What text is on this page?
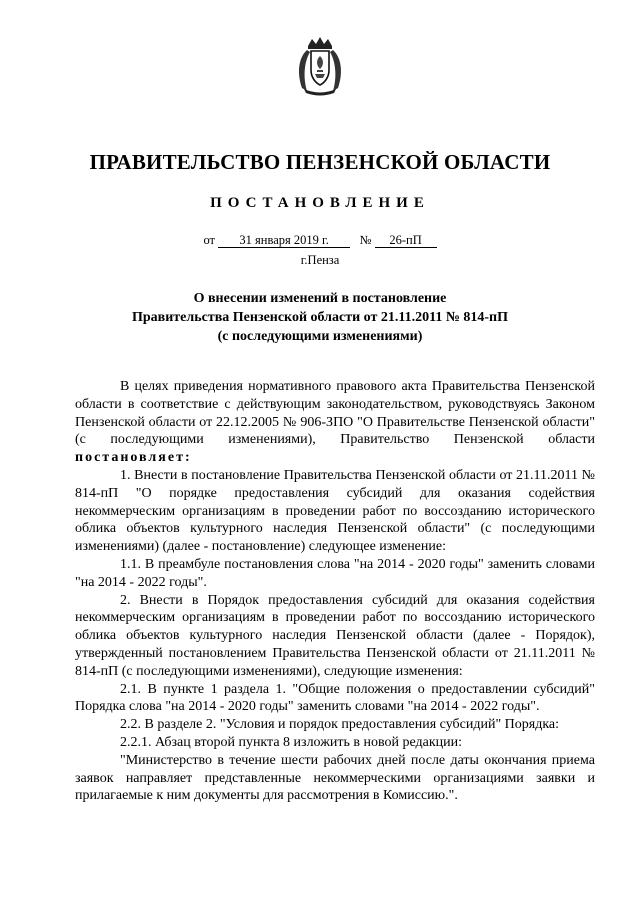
ПРАВИТЕЛЬСТВО ПЕНЗЕНСКОЙ ОБЛАСТИ
ПОСТАНОВЛЕНИЕ
от 31 января 2019 г. № 26-пП
г.Пенза
О внесении изменений в постановление
Правительства Пензенской области от 21.11.2011 № 814-пП
(с последующими изменениями)

В целях приведения нормативного правового акта Правительства Пензенской области в соответствие с действующим законодательством, руководствуясь Законом Пензенской области от 22.12.2005 № 906-ЗПО "О Правительстве Пензенской области" (с последующими изменениями), Правительство Пензенской области постановляет:

1. Внести в постановление Правительства Пензенской области от 21.11.2011 № 814-пП "О порядке предоставления субсидий для оказания содействия некоммерческим организациям в проведении работ по воссозданию исторического облика объектов культурного наследия Пензенской области" (с последующими изменениями) (далее - постановление) следующее изменение:

1.1. В преамбуле постановления слова "на 2014 - 2020 годы" заменить словами "на 2014 - 2022 годы".

2. Внести в Порядок предоставления субсидий для оказания содействия некоммерческим организациям в проведении работ по воссозданию исторического облика объектов культурного наследия Пензенской области (далее - Порядок), утвержденный постановлением Правительства Пензенской области от 21.11.2011 № 814-пП (с последующими изменениями), следующие изменения:

2.1. В пункте 1 раздела 1. "Общие положения о предоставлении субсидий" Порядка слова "на 2014 - 2020 годы" заменить словами "на 2014 - 2022 годы".

2.2. В разделе 2. "Условия и порядок предоставления субсидий" Порядка:

2.2.1. Абзац второй пункта 8 изложить в новой редакции:

"Министерство в течение шести рабочих дней после даты окончания приема заявок направляет представленные некоммерческими организациями заявки и прилагаемые к ним документы для рассмотрения в Комиссию.".
